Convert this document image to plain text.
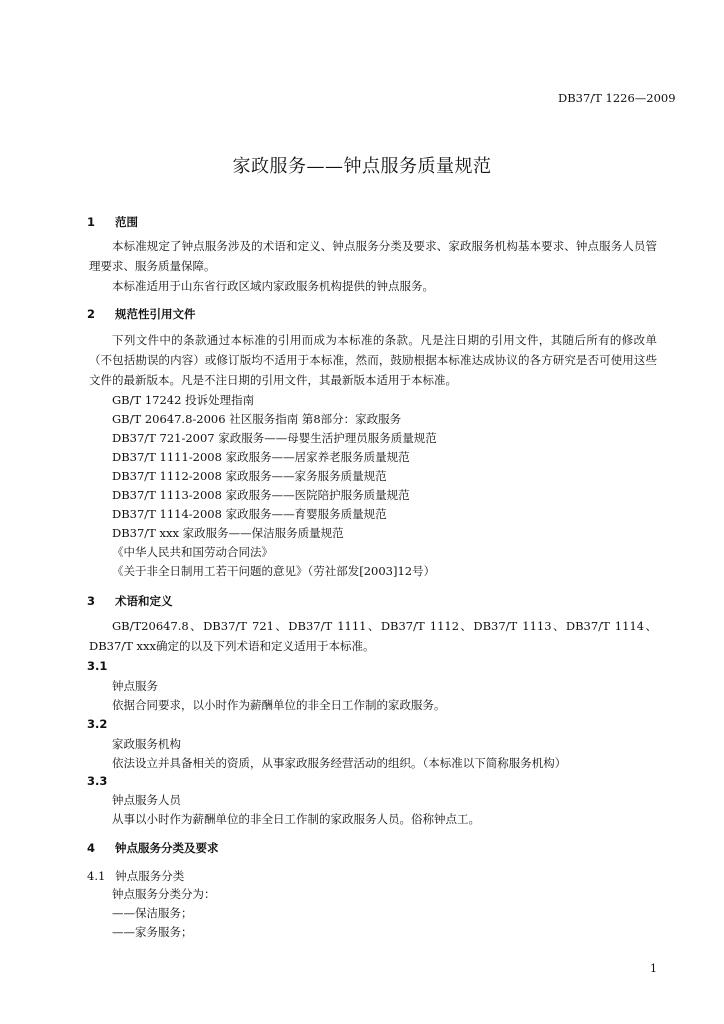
DB37/T 1226—2009
家政服务——钟点服务质量规范
1 范围
本标准规定了钟点服务涉及的术语和定义、钟点服务分类及要求、家政服务机构基本要求、钟点服务人员管理要求、服务质量保障。
本标准适用于山东省行政区域内家政服务机构提供的钟点服务。
2 规范性引用文件
下列文件中的条款通过本标准的引用而成为本标准的条款。凡是注日期的引用文件，其随后所有的修改单（不包括勘误的内容）或修订版均不适用于本标准，然而，鼓励根据本标准达成协议的各方研究是否可使用这些文件的最新版本。凡是不注日期的引用文件，其最新版本适用于本标准。
GB/T 17242 投诉处理指南
GB/T 20647.8-2006 社区服务指南 第8部分：家政服务
DB37/T 721-2007 家政服务——母婴生活护理员服务质量规范
DB37/T 1111-2008 家政服务——居家养老服务质量规范
DB37/T 1112-2008 家政服务——家务服务质量规范
DB37/T 1113-2008 家政服务——医院陪护服务质量规范
DB37/T 1114-2008 家政服务——育婴服务质量规范
DB37/T xxx 家政服务——保洁服务质量规范
《中华人民共和国劳动合同法》
《关于非全日制用工若干问题的意见》（劳社部发[2003]12号）
3 术语和定义
GB/T20647.8、DB37/T 721、DB37/T 1111、DB37/T 1112、DB37/T 1113、DB37/T 1114、DB37/T xxx确定的以及下列术语和定义适用于本标准。
3.1
钟点服务
依据合同要求，以小时作为薪酬单位的非全日工作制的家政服务。
3.2
家政服务机构
依法设立并具备相关的资质，从事家政服务经营活动的组织。（本标准以下简称服务机构）
3.3
钟点服务人员
从事以小时作为薪酬单位的非全日工作制的家政服务人员。俗称钟点工。
4 钟点服务分类及要求
4.1 钟点服务分类
钟点服务分类分为：
——保洁服务；
——家务服务；
1
